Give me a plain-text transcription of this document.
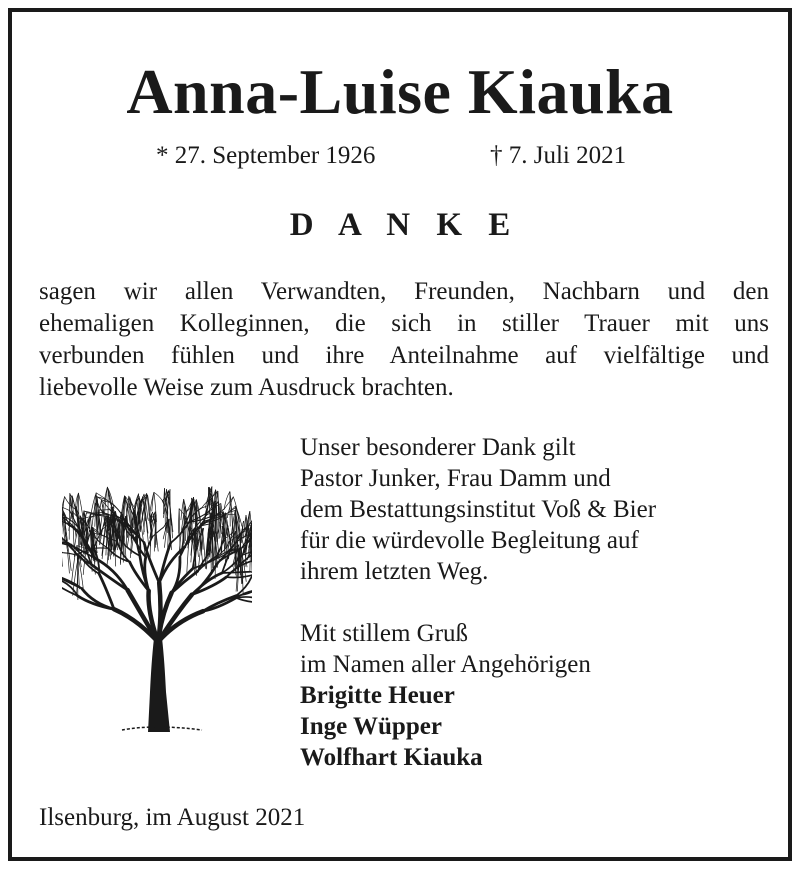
Anna-Luise Kiauka
* 27. September 1926	† 7. Juli 2021
D A N K E

sagen wir allen Verwandten, Freunden, Nachbarn und den

ehemaligen Kolleginnen, die sich in stiller Trauer mit uns

verbunden fühlen und ihre Anteilnahme auf vielfältige und

liebevolle Weise zum Ausdruck brachten.

Unser besonderer Dank gilt

Pastor Junker, Frau Damm und

dem Bestattungsinstitut Voß & Bier

für die würdevolle Begleitung auf

ihrem letzten Weg.

Mit stillem Gruß

im Namen aller Angehörigen

Brigitte Heuer

Inge Wüpper

Wolfhart Kiauka

Ilsenburg, im August 2021
